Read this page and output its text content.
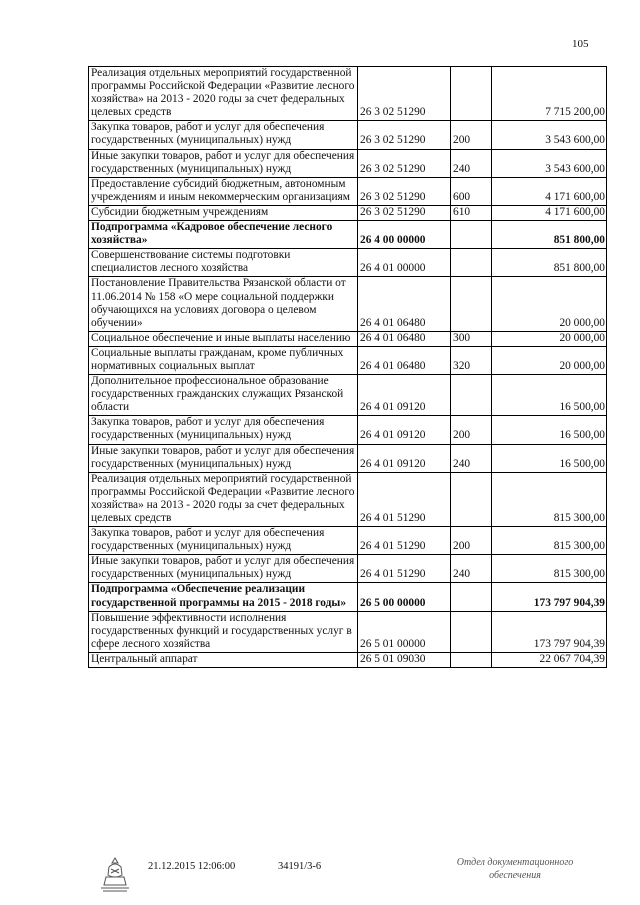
105
Реализация отдельных мероприятий государственной программы Российской Федерации «Развитие лесного хозяйства» на 2013 - 2020 годы за счет федеральных целевых средств	26 3 02 51290		7 715 200,00
Закупка товаров, работ и услуг для обеспечения государственных (муниципальных) нужд	26 3 02 51290	200	3 543 600,00
Иные закупки товаров, работ и услуг для обеспечения государственных (муниципальных) нужд	26 3 02 51290	240	3 543 600,00
Предоставление субсидий бюджетным, автономным учреждениям и иным некоммерческим организациям	26 3 02 51290	600	4 171 600,00
Субсидии бюджетным учреждениям	26 3 02 51290	610	4 171 600,00
Подпрограмма «Кадровое обеспечение лесного хозяйства»	26 4 00 00000		851 800,00
Совершенствование системы подготовки специалистов лесного хозяйства	26 4 01 00000		851 800,00
Постановление Правительства Рязанской области от 11.06.2014 № 158 «О мере социальной поддержки обучающихся на условиях договора о целевом обучении»	26 4 01 06480		20 000,00
Социальное обеспечение и иные выплаты населению	26 4 01 06480	300	20 000,00
Социальные выплаты гражданам, кроме публичных нормативных социальных выплат	26 4 01 06480	320	20 000,00
Дополнительное профессиональное образование государственных гражданских служащих Рязанской области	26 4 01 09120		16 500,00
Закупка товаров, работ и услуг для обеспечения государственных (муниципальных) нужд	26 4 01 09120	200	16 500,00
Иные закупки товаров, работ и услуг для обеспечения государственных (муниципальных) нужд	26 4 01 09120	240	16 500,00
Реализация отдельных мероприятий государственной программы Российской Федерации «Развитие лесного хозяйства» на 2013 - 2020 годы за счет федеральных целевых средств	26 4 01 51290		815 300,00
Закупка товаров, работ и услуг для обеспечения государственных (муниципальных) нужд	26 4 01 51290	200	815 300,00
Иные закупки товаров, работ и услуг для обеспечения государственных (муниципальных) нужд	26 4 01 51290	240	815 300,00
Подпрограмма «Обеспечение реализации государственной программы на 2015 - 2018 годы»	26 5 00 00000		173 797 904,39
Повышение эффективности исполнения государственных функций и государственных услуг в сфере лесного хозяйства	26 5 01 00000		173 797 904,39
Центральный аппарат	26 5 01 09030		22 067 704,39
21.12.2015 12:06:00	34191/3-6	Отдел документационного
обеспечения
